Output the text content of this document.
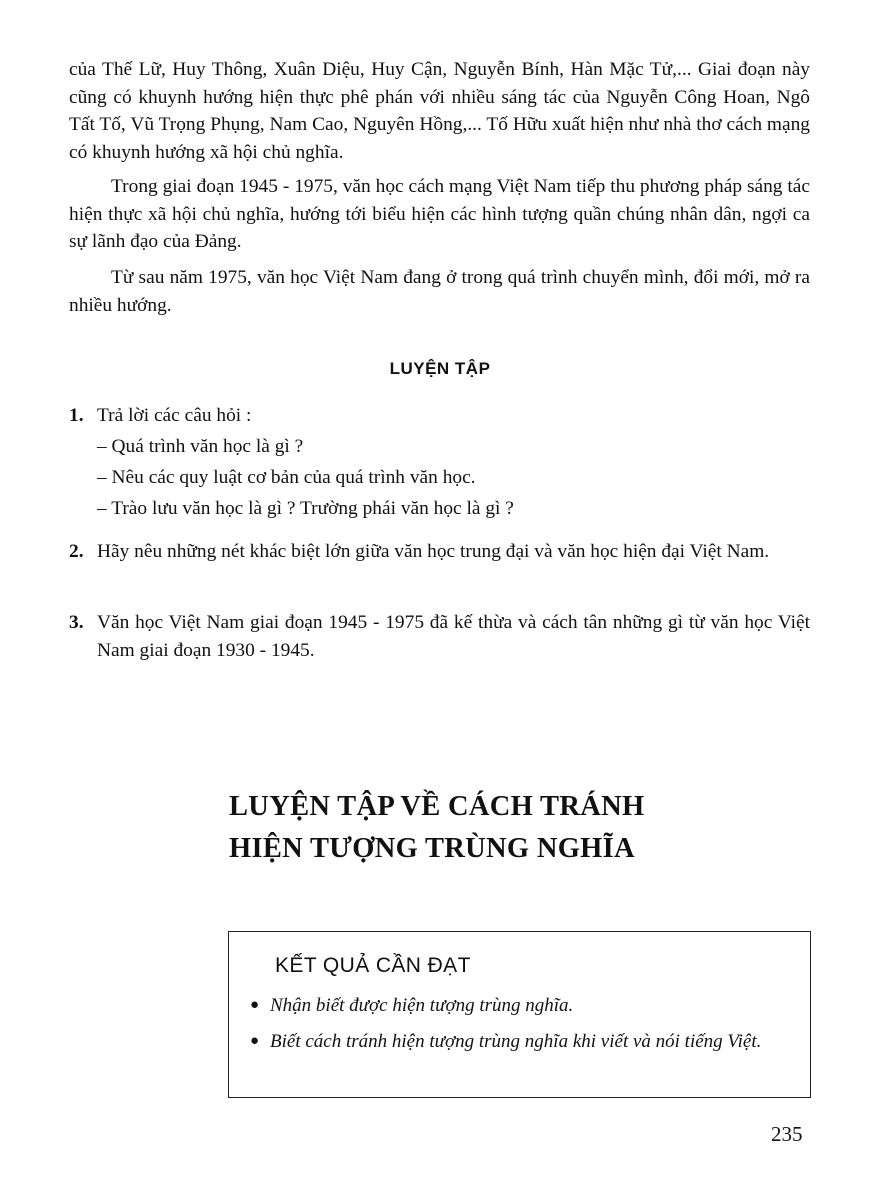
của Thế Lữ, Huy Thông, Xuân Diệu, Huy Cận, Nguyễn Bính, Hàn Mặc Tử,... Giai đoạn này cũng có khuynh hướng hiện thực phê phán với nhiều sáng tác của Nguyễn Công Hoan, Ngô Tất Tố, Vũ Trọng Phụng, Nam Cao, Nguyên Hồng,... Tố Hữu xuất hiện như nhà thơ cách mạng có khuynh hướng xã hội chủ nghĩa.

Trong giai đoạn 1945 - 1975, văn học cách mạng Việt Nam tiếp thu phương pháp sáng tác hiện thực xã hội chủ nghĩa, hướng tới biểu hiện các hình tượng quần chúng nhân dân, ngợi ca sự lãnh đạo của Đảng.

Từ sau năm 1975, văn học Việt Nam đang ở trong quá trình chuyển mình, đổi mới, mở ra nhiều hướng.

LUYỆN TẬP
1. Trả lời các câu hỏi :

– Quá trình văn học là gì ?

– Nêu các quy luật cơ bản của quá trình văn học.

– Trào lưu văn học là gì ? Trường phái văn học là gì ?

2. Hãy nêu những nét khác biệt lớn giữa văn học trung đại và văn học hiện đại Việt Nam.
3. Văn học Việt Nam giai đoạn 1945 - 1975 đã kế thừa và cách tân những gì từ văn học Việt Nam giai đoạn 1930 - 1945.
LUYỆN TẬP VỀ CÁCH TRÁNH
HIỆN TƯỢNG TRÙNG NGHĨA

KẾT QUẢ CẦN ĐẠT

● Nhận biết được hiện tượng trùng nghĩa.

● Biết cách tránh hiện tượng trùng nghĩa khi viết và nói tiếng Việt.

235
